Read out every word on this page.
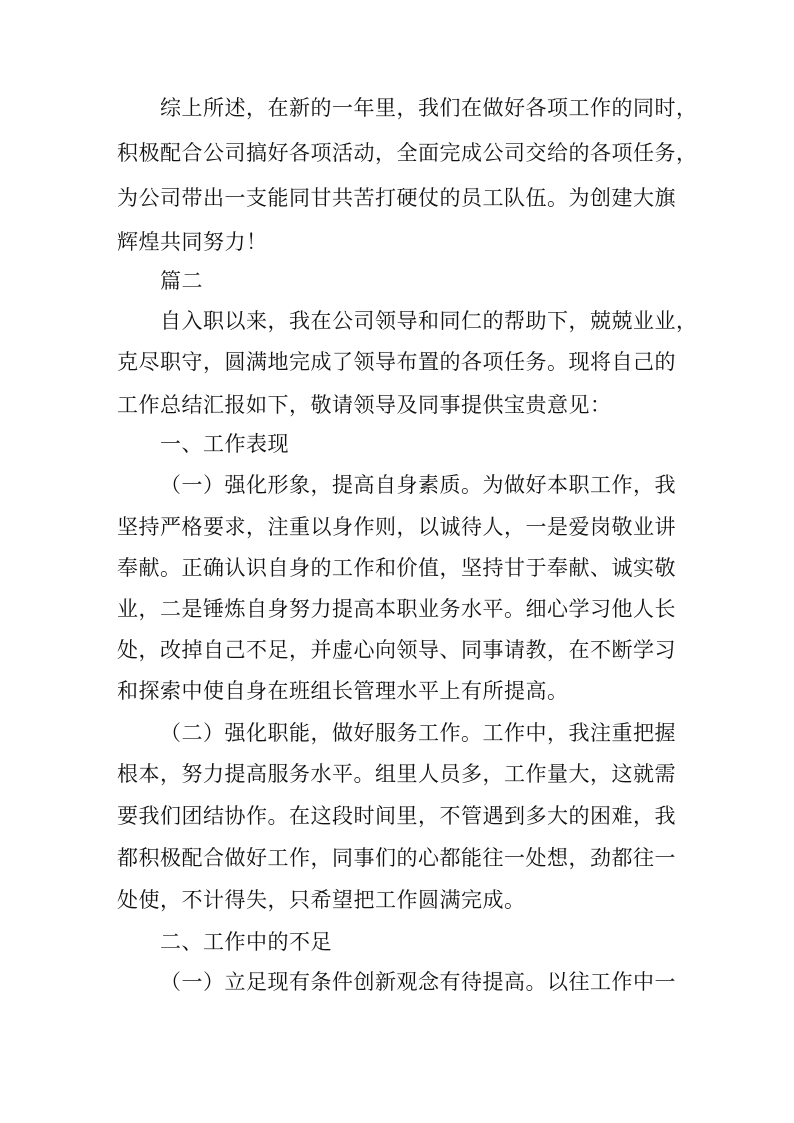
综上所述，在新的一年里，我们在做好各项工作的同时，
积极配合公司搞好各项活动，全面完成公司交给的各项任务，
为公司带出一支能同甘共苦打硬仗的员工队伍。为创建大旗
辉煌共同努力！
篇二
自入职以来，我在公司领导和同仁的帮助下，兢兢业业，
克尽职守，圆满地完成了领导布置的各项任务。现将自己的
工作总结汇报如下，敬请领导及同事提供宝贵意见：
一、工作表现
（一）强化形象，提高自身素质。为做好本职工作，我
坚持严格要求，注重以身作则，以诚待人，一是爱岗敬业讲
奉献。正确认识自身的工作和价值，坚持甘于奉献、诚实敬
业，二是锤炼自身努力提高本职业务水平。细心学习他人长
处，改掉自己不足，并虚心向领导、同事请教，在不断学习
和探索中使自身在班组长管理水平上有所提高。
（二）强化职能，做好服务工作。工作中，我注重把握
根本，努力提高服务水平。组里人员多，工作量大，这就需
要我们团结协作。在这段时间里，不管遇到多大的困难，我
都积极配合做好工作，同事们的心都能往一处想，劲都往一
处使，不计得失，只希望把工作圆满完成。
二、工作中的不足
（一）立足现有条件创新观念有待提高。以往工作中一
